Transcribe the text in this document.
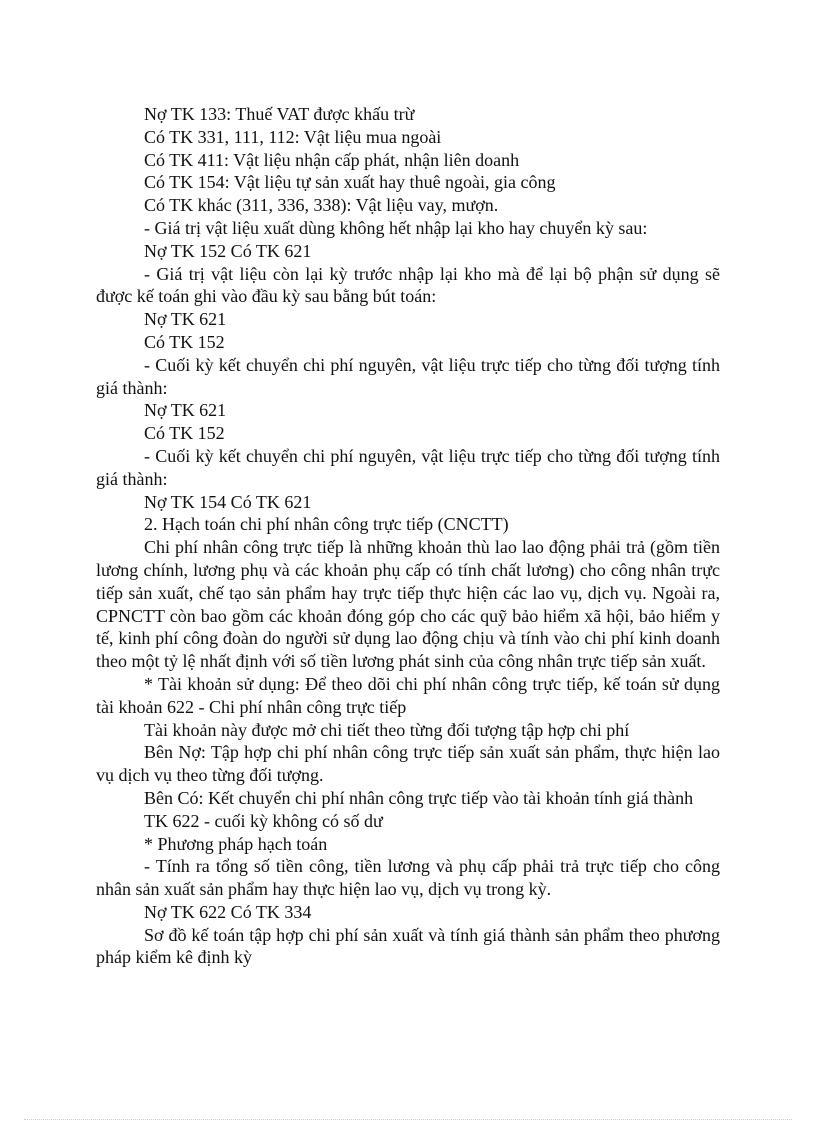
Nợ TK 133: Thuế VAT được khấu trừ

Có TK 331, 111, 112: Vật liệu mua ngoài

Có TK 411: Vật liệu nhận cấp phát, nhận liên doanh

Có TK 154: Vật liệu tự sản xuất hay thuê ngoài, gia công

Có TK khác (311, 336, 338): Vật liệu vay, mượn.

- Giá trị vật liệu xuất dùng không hết nhập lại kho hay chuyển kỳ sau:

Nợ TK 152 Có TK 621

- Giá trị vật liệu còn lại kỳ trước nhập lại kho mà để lại bộ phận sử dụng sẽ được kế toán ghi vào đầu kỳ sau bằng bút toán:

Nợ TK 621

Có TK 152

- Cuối kỳ kết chuyển chi phí nguyên, vật liệu trực tiếp cho từng đối tượng tính giá thành:

Nợ TK 621

Có TK 152

- Cuối kỳ kết chuyển chi phí nguyên, vật liệu trực tiếp cho từng đối tượng tính giá thành:

Nợ TK 154 Có TK 621

2. Hạch toán chi phí nhân công trực tiếp (CNCTT)

Chi phí nhân công trực tiếp là những khoản thù lao lao động phải trả (gồm tiền lương chính, lương phụ và các khoản phụ cấp có tính chất lương) cho công nhân trực tiếp sản xuất, chế tạo sản phẩm hay trực tiếp thực hiện các lao vụ, dịch vụ. Ngoài ra, CPNCTT còn bao gồm các khoản đóng góp cho các quỹ bảo hiểm xã hội, bảo hiểm y tế, kinh phí công đoàn do người sử dụng lao động chịu và tính vào chi phí kinh doanh theo một tỷ lệ nhất định với số tiền lương phát sinh của công nhân trực tiếp sản xuất.

* Tài khoản sử dụng: Để theo dõi chi phí nhân công trực tiếp, kế toán sử dụng tài khoản 622 - Chi phí nhân công trực tiếp

Tài khoản này được mở chi tiết theo từng đối tượng tập hợp chi phí

Bên Nợ: Tập hợp chi phí nhân công trực tiếp sản xuất sản phẩm, thực hiện lao vụ dịch vụ theo từng đối tượng.

Bên Có: Kết chuyển chi phí nhân công trực tiếp vào tài khoản tính giá thành

TK 622 - cuối kỳ không có số dư

* Phương pháp hạch toán

- Tính ra tổng số tiền công, tiền lương và phụ cấp phải trả trực tiếp cho công nhân sản xuất sản phẩm hay thực hiện lao vụ, dịch vụ trong kỳ.

Nợ TK 622 Có TK 334

Sơ đồ kế toán tập hợp chi phí sản xuất và tính giá thành sản phẩm theo phương pháp kiểm kê định kỳ
